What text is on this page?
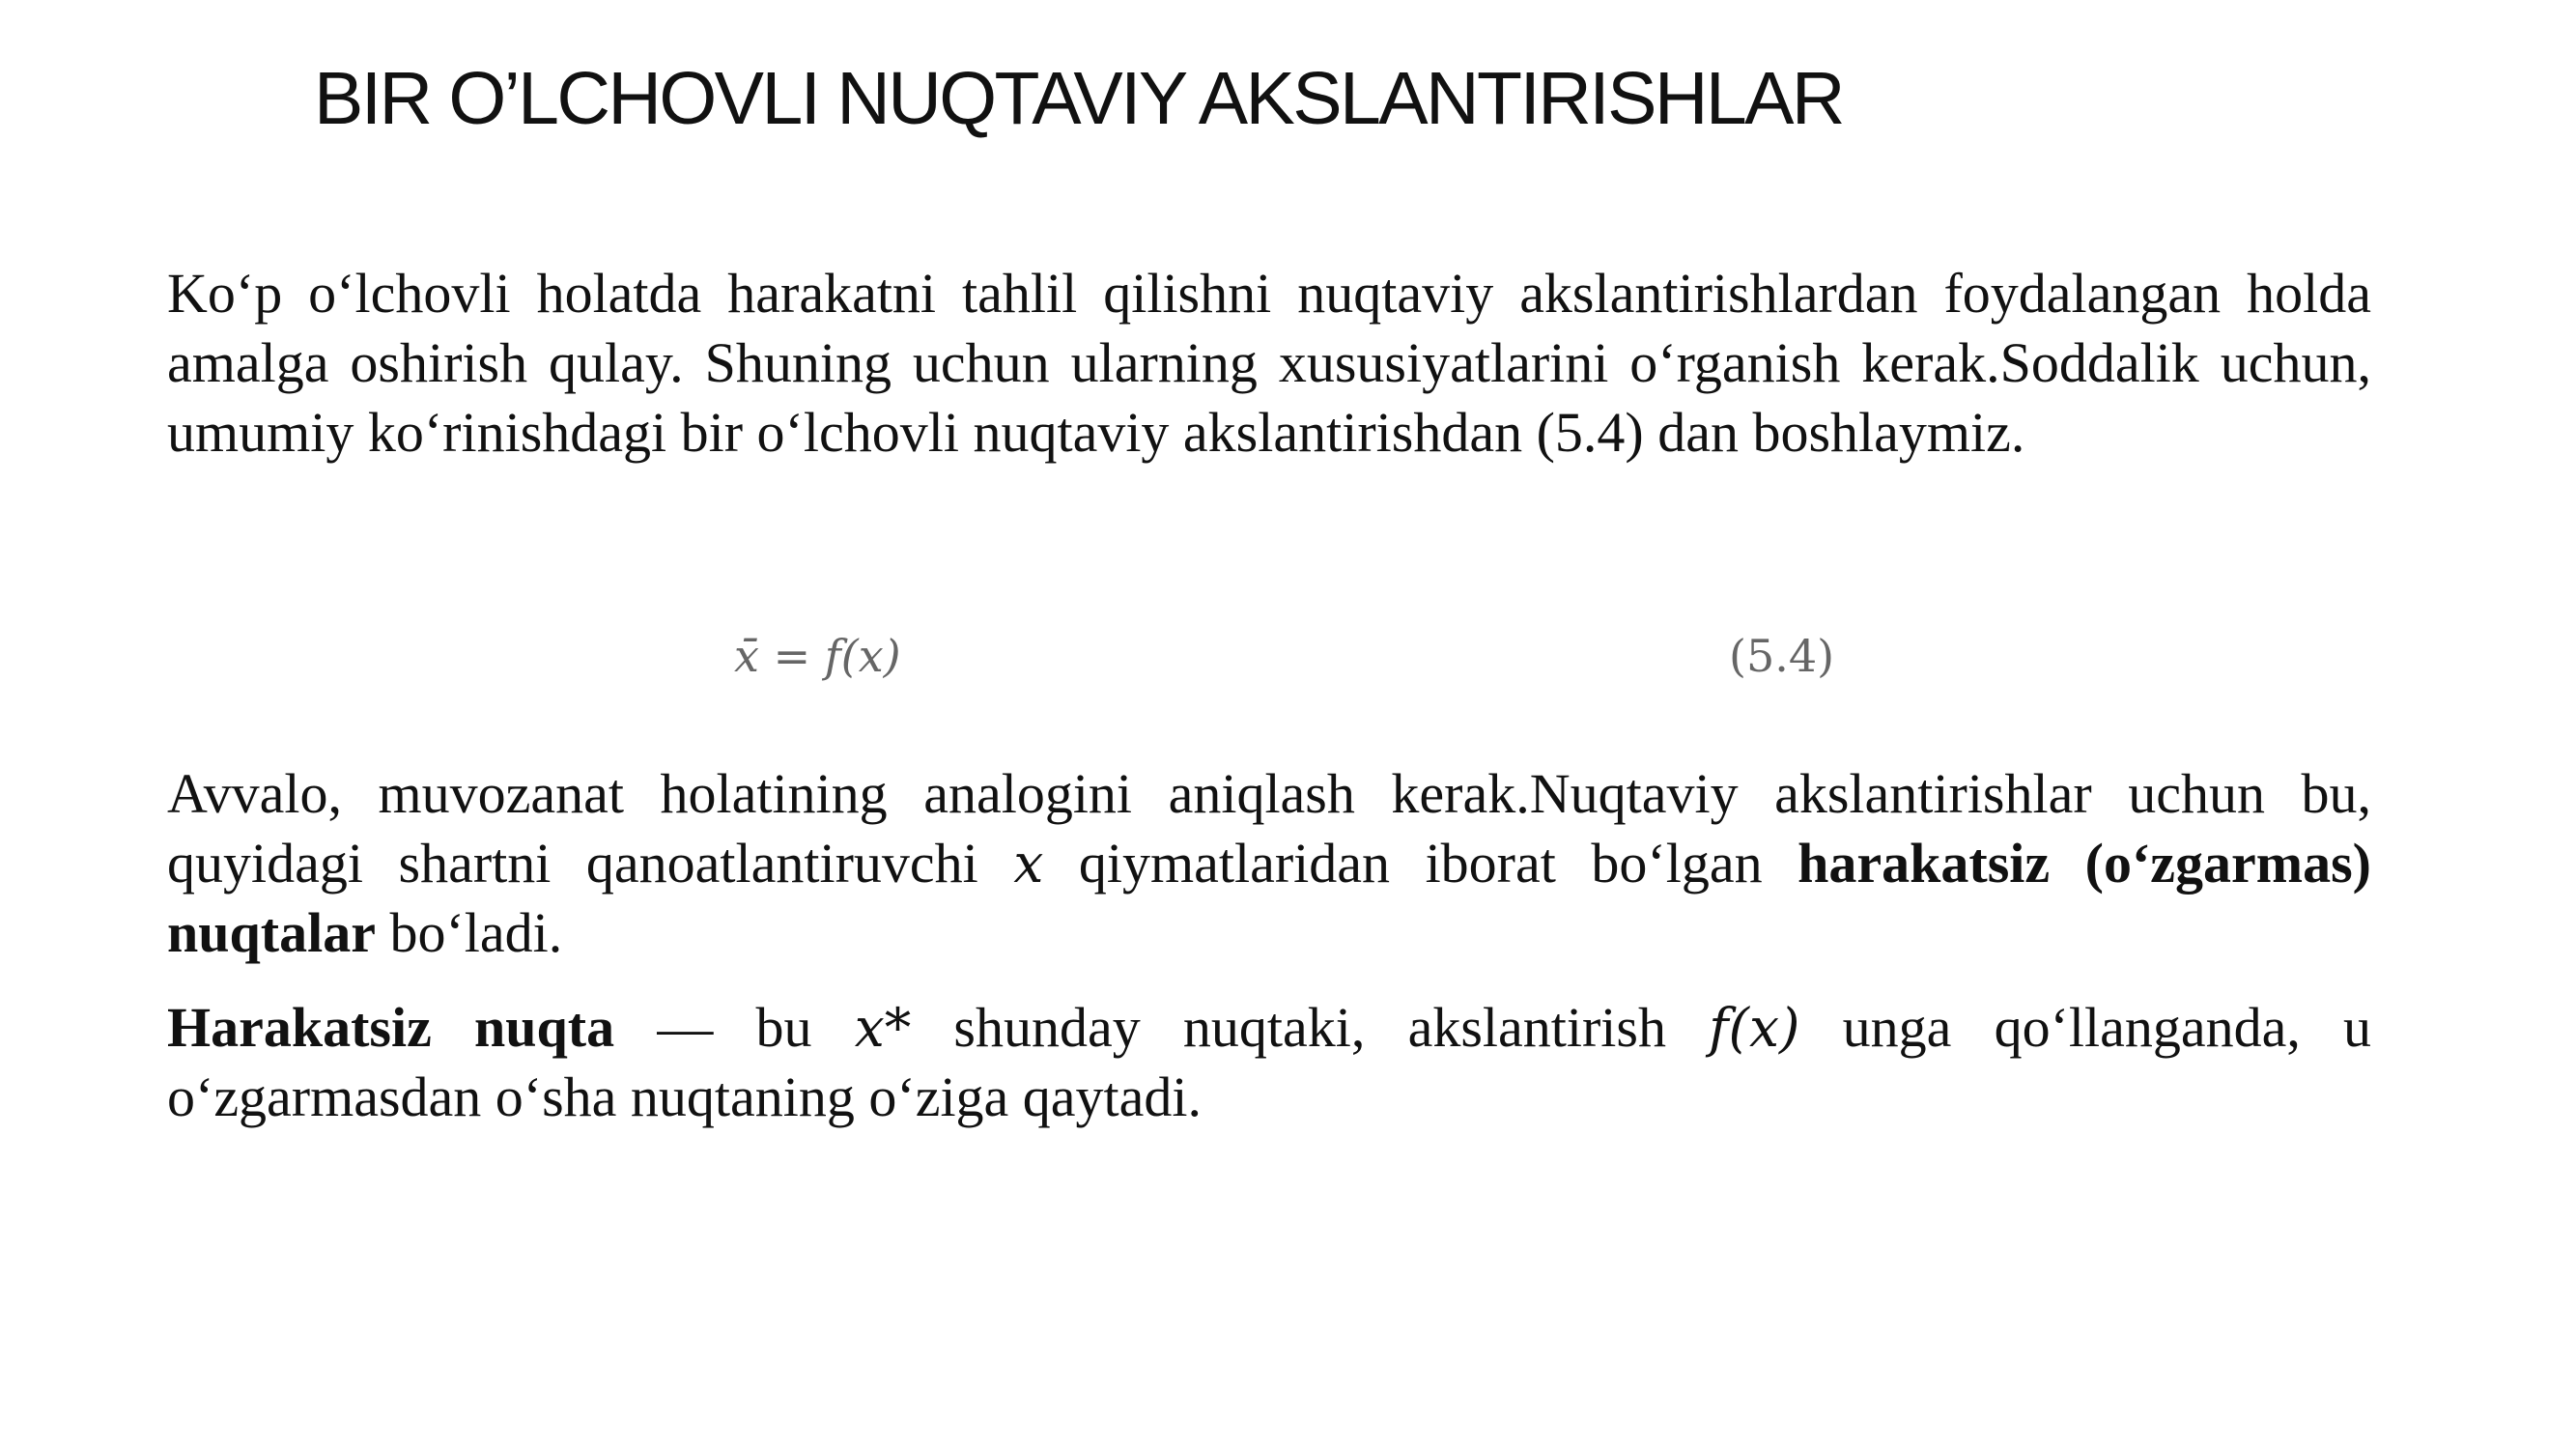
BIR O’LCHOVLI NUQTAVIY AKSLANTIRISHLAR

Ko‘p o‘lchovli holatda harakatni tahlil qilishni nuqtaviy akslantirishlardan foydalangan holda amalga oshirish qulay. Shuning uchun ularning xususiyatlarini o‘rganish kerak.Soddalik uchun, umumiy ko‘rinishdagi bir o‘lchovli nuqtaviy akslantirishdan (5.4) dan boshlaymiz.

x̄ = f(x)	(5.4)

Avvalo, muvozanat holatining analogini aniqlash kerak.Nuqtaviy akslantirishlar uchun bu, quyidagi shartni qanoatlantiruvchi x qiymatlaridan iborat bo‘lgan harakatsiz (o‘zgarmas) nuqtalar bo‘ladi.

Harakatsiz nuqta — bu x* shunday nuqtaki, akslantirish f(x) unga qo‘llanganda, u o‘zgarmasdan o‘sha nuqtaning o‘ziga qaytadi.
